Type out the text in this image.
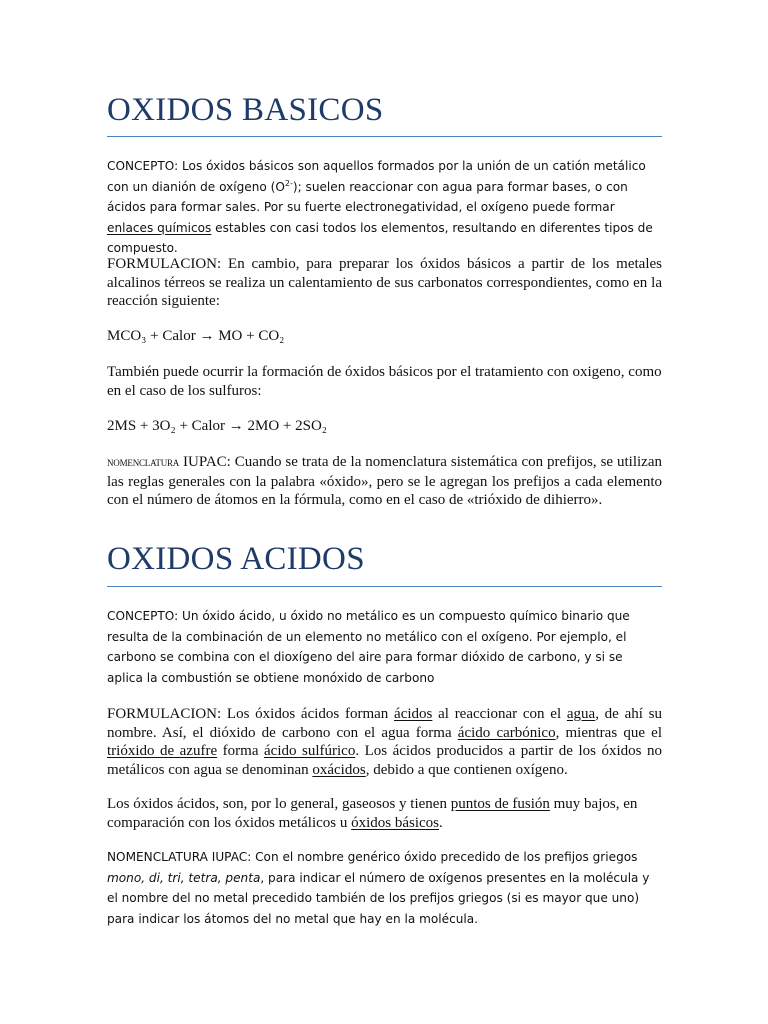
OXIDOS BASICOS

CONCEPTO: Los óxidos básicos son aquellos formados por la unión de un catión metálico con un dianión de oxígeno $(O^{2-})$; suelen reaccionar con agua para formar bases, o con ácidos para formar sales. Por su fuerte electronegatividad, el oxígeno puede formar enlaces químicos estables con casi todos los elementos, resultando en diferentes tipos de compuesto.

FORMULACION: En cambio, para preparar los óxidos básicos a partir de los metales alcalinos térreos se realiza un calentamiento de sus carbonatos correspondientes, como en la reacción siguiente:

MCO₃ + Calor → MO + CO₂

También puede ocurrir la formación de óxidos básicos por el tratamiento con oxigeno, como en el caso de los sulfuros:

2MS + 3O₂ + Calor → 2MO + 2SO₂

NOMENCLATURA IUPAC: Cuando se trata de la nomenclatura sistemática con prefijos, se utilizan las reglas generales con la palabra «óxido», pero se le agregan los prefijos a cada elemento con el número de átomos en la fórmula, como en el caso de «trióxido de dihierro».

OXIDOS ACIDOS

CONCEPTO: Un óxido ácido, u óxido no metálico es un compuesto químico binario que resulta de la combinación de un elemento no metálico con el oxígeno. Por ejemplo, el carbono se combina con el dioxígeno del aire para formar dióxido de carbono, y si se aplica la combustión se obtiene monóxido de carbono

FORMULACION: Los óxidos ácidos forman ácidos al reaccionar con el agua, de ahí su nombre. Así, el dióxido de carbono con el agua forma ácido carbónico, mientras que el trióxido de azufre forma ácido sulfúrico. Los ácidos producidos a partir de los óxidos no metálicos con agua se denominan oxácidos, debido a que contienen oxígeno.

Los óxidos ácidos, son, por lo general, gaseosos y tienen puntos de fusión muy bajos, en comparación con los óxidos metálicos u óxidos básicos.

NOMENCLATURA IUPAC: Con el nombre genérico óxido precedido de los prefijos griegos mono, di, tri, tetra, penta, para indicar el número de oxígenos presentes en la molécula y el nombre del no metal precedido también de los prefijos griegos (si es mayor que uno) para indicar los átomos del no metal que hay en la molécula.
